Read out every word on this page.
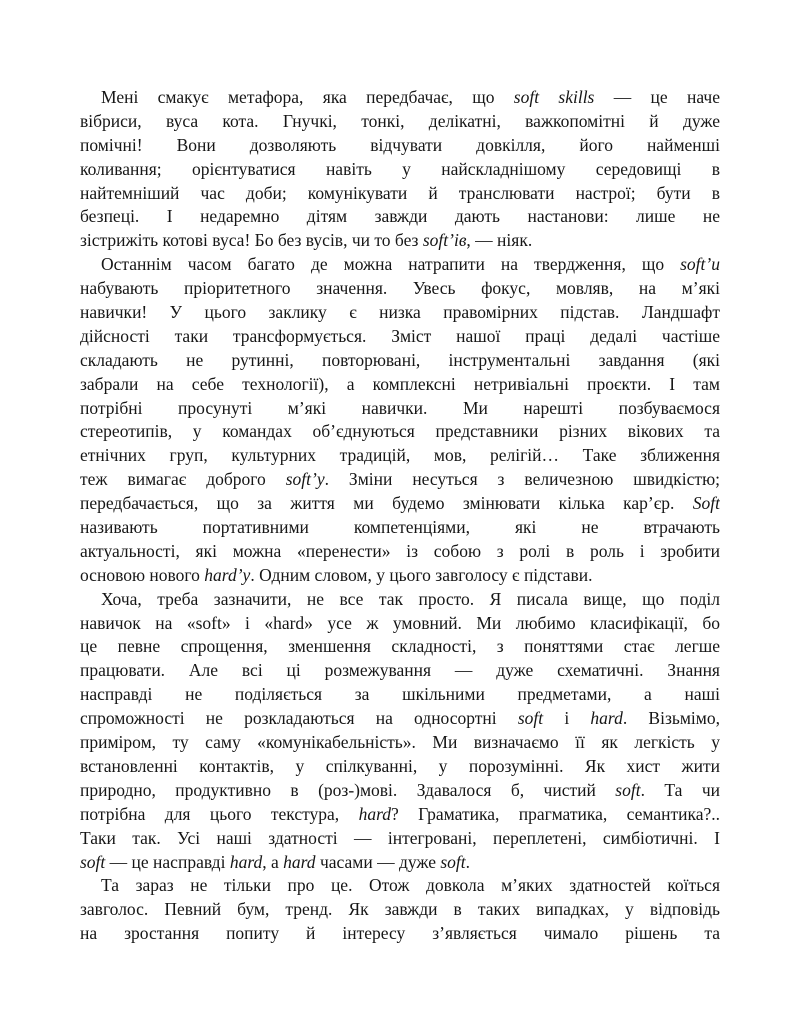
Мені смакує метафора, яка передбачає, що soft skills — це наче
вібриси, вуса кота. Гнучкі, тонкі, делікатні, важкопомітні й дуже
помічні! Вони дозволяють відчувати довкілля, його найменші
коливання; орієнтуватися навіть у найскладнішому середовищі в
найтемніший час доби; комунікувати й транслювати настрої; бути в
безпеці. І недаремно дітям завжди дають настанови: лише не
зістрижіть котові вуса! Бо без вусів, чи то без soft’ів, — ніяк.
Останнім часом багато де можна натрапити на твердження, що soft’и
набувають пріоритетного значення. Увесь фокус, мовляв, на м’які
навички! У цього заклику є низка правомірних підстав. Ландшафт
дійсності таки трансформується. Зміст нашої праці дедалі частіше
складають не рутинні, повторювані, інструментальні завдання (які
забрали на себе технології), а комплексні нетривіальні проєкти. І там
потрібні просунуті м’які навички. Ми нарешті позбуваємося
стереотипів, у командах об’єднуються представники різних вікових та
етнічних груп, культурних традицій, мов, релігій… Таке зближення
теж вимагає доброго soft’у. Зміни несуться з величезною швидкістю;
передбачається, що за життя ми будемо змінювати кілька кар’єр. Soft
називають портативними компетенціями, які не втрачають
актуальності, які можна «перенести» із собою з ролі в роль і зробити
основою нового hard’у. Одним словом, у цього завголосу є підстави.
Хоча, треба зазначити, не все так просто. Я писала вище, що поділ
навичок на «soft» і «hard» усе ж умовний. Ми любимо класифікації, бо
це певне спрощення, зменшення складності, з поняттями стає легше
працювати. Але всі ці розмежування — дуже схематичні. Знання
насправді не поділяється за шкільними предметами, а наші
спроможності не розкладаються на односортні soft і hard. Візьмімо,
приміром, ту саму «комунікабельність». Ми визначаємо її як легкість у
встановленні контактів, у спілкуванні, у порозумінні. Як хист жити
природно, продуктивно в (роз-)мові. Здавалося б, чистий soft. Та чи
потрібна для цього текстура, hard? Граматика, прагматика, семантика?..
Таки так. Усі наші здатності — інтегровані, переплетені, симбіотичні. І
soft — це насправді hard, а hard часами — дуже soft.
Та зараз не тільки про це. Отож довкола м’яких здатностей коїться
завголос. Певний бум, тренд. Як завжди в таких випадках, у відповідь
на зростання попиту й інтересу з’являється чимало рішень та
